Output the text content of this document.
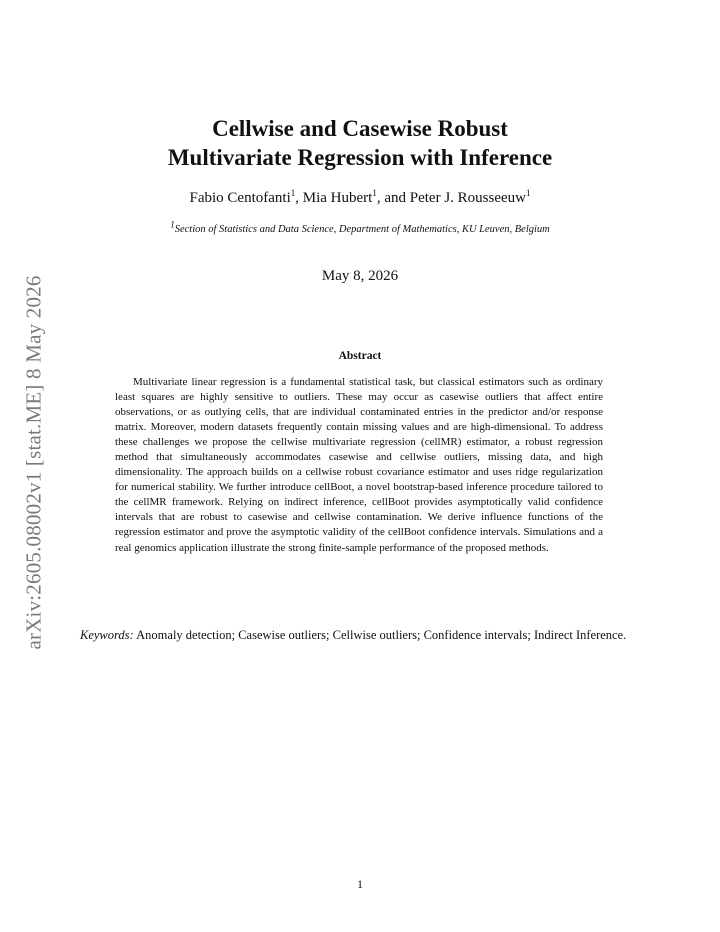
arXiv:2605.08002v1 [stat.ME] 8 May 2026
Cellwise and Casewise Robust
Multivariate Regression with Inference
Fabio Centofanti$^1$, Mia Hubert$^1$, and Peter J. Rousseeuw$^1$
$^1$Section of Statistics and Data Science, Department of Mathematics, KU Leuven, Belgium
May 8, 2026
Abstract
Multivariate linear regression is a fundamental statistical task, but classical estimators such as ordinary least squares are highly sensitive to outliers. These may occur as casewise outliers that affect entire observations, or as outlying cells, that are individual contaminated entries in the predictor and/or response matrix. Moreover, modern datasets frequently contain missing values and are high-dimensional. To address these challenges we propose the cellwise multivariate regression (cellMR) estimator, a robust regression method that simultaneously accommodates casewise and cellwise outliers, missing data, and high dimensionality. The approach builds on a cellwise robust covariance estimator and uses ridge regularization for numerical stability. We further introduce cellBoot, a novel bootstrap-based inference procedure tailored to the cellMR framework. Relying on indirect inference, cellBoot provides asymptotically valid confidence intervals that are robust to casewise and cellwise contamination. We derive influence functions of the regression estimator and prove the asymptotic validity of the cellBoot confidence intervals. Simulations and a real genomics application illustrate the strong finite-sample performance of the proposed methods.
Keywords: Anomaly detection; Casewise outliers; Cellwise outliers; Confidence intervals; Indirect Inference.
1
